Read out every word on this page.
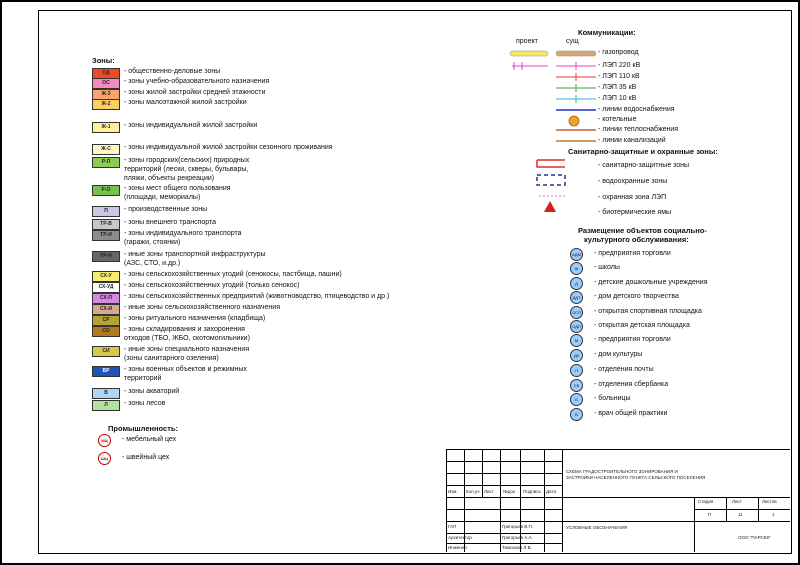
Зоны:
ОД	- общественно-деловые зоны
ОС	- зоны учебно-образовательного назначения
Ж-3	- зоны жилой застройки средней этажности
Ж-2	- зоны малоэтажной жилой застройки
Ж-1	- зоны индивидуальной жилой застройки
Ж-С	- зоны индивидуальной жилой застройки сезонного проживания
Р-П	- зоны городских(сельских) природных
территорий (лески, скверы, бульвары,
пляжи, объекты рекреации)
Р-О	- зоны мест общего пользования
(площади, мемориалы)
П	- производственные зоны
ТР-В	- зоны внешнего транспорта
ТР-И	- зоны индивидуального транспорта
(гаражи, стоянки)
ТР-Н	- иные зоны транспортной инфраструктуры
(АЗС, СТО, и.др.)
СХ-У	- зоны сельскохозяйственных угодий (сенокосы, пастбища, пашни)
СХ-УД	- зоны сельскохозяйственных угодий (только сенокос)
СХ-П	- зоны сельскохозяйственных предприятий (животноводство, птицеводство и др.)
СХ-И	- иные зоны сельскохозяйственного назначения
СР	- зоны ритуального назначения (кладбища)
СО	- зоны складирования и захоронения
отходов (ТБО, ЖБО, скотомогильники)
СИ	- иные зоны специального назначения
(зоны санитарного озеления)
ВР	- зоны военных объектов и режимных
территорий
В	- зоны акваторий
Л	- зоны лесов
Промышленность:
МЦ	- мебельный цех
ШЦ	- швейный цех
Коммуникации:
проект	сущ
- газопровод
- ЛЭП 220 кВ
- ЛЭП 110 кВ
- ЛЭП 35 кВ
- ЛЭП 10 кВ
- линии водоснабжения
- котельные
- линии теплоснабжения
- линии канализаций
Санитарно-защитные и охранные зоны:
- санитарно-защитные зоны
- водоохранные зоны
- охранная зона ЛЭП
- биотермические ямы
Размещение объектов социально-
культурного обслуживания:
АДМ - предприятия торговли
Ш	- школы
Д	- детские дошкольные учреждения
ДДТ	- дом детского творчества
ОСП - открытая спортивная площадка
ОДП	- открытая детская площадка
М	- предприятия торговли
ДК	- дом культуры
П	- отделения почты
СБ	- отделения сбербанка
Б	- больницы
В	- врач общей практики
Изм. Кол.уч Лист №док Подпись Дата
СХЕМА ГРАДОСТРОИТЕЛЬНОГО ЗОНИРОВАНИЯ И
ЗАСТРОЙКИ НАСЕЛЕННОГО ПУНКТА СЕЛЬСКОГО ПОСЕЛЕНИЯ
Стадия	Лист	Листов
П	11	1
ГАП	Григорьев В.П.
Архитектор	Григорьев А.А.
Инженер	Тимохова Л.В.
УСЛОВНЫЕ ОБОЗНАЧЕНИЯ
ООО "ПАРСЕК"
